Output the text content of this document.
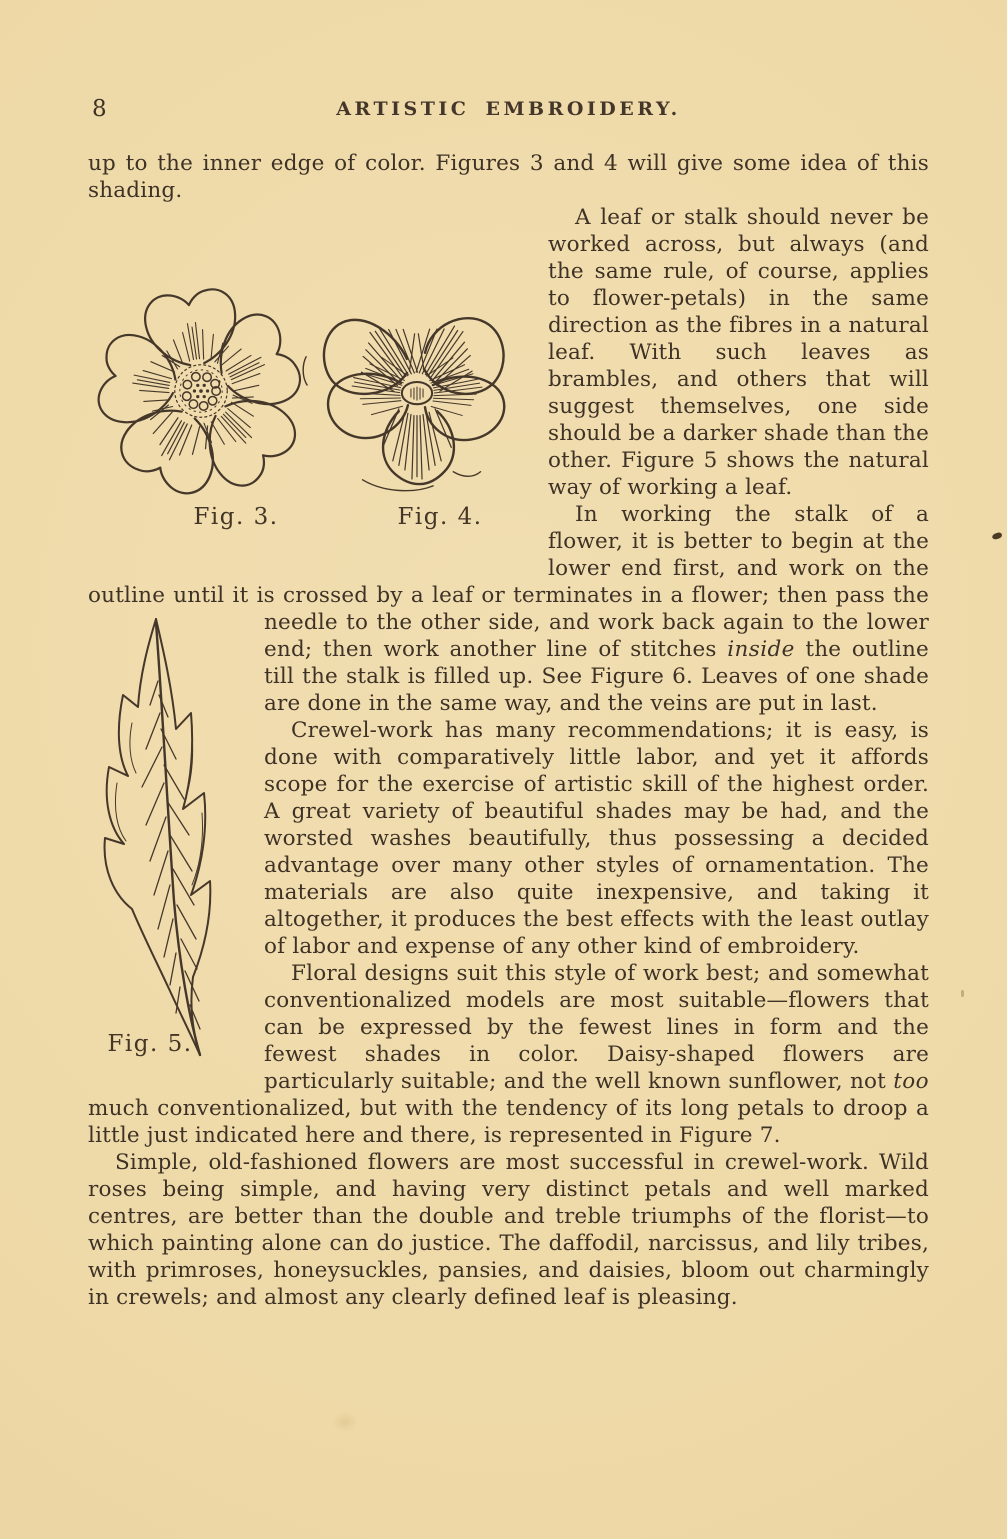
8	ARTISTIC EMBROIDERY.

up to the inner edge of color. Figures 3 and 4 will give some idea of this shading.

Fig. 3.	Fig. 4.

A leaf or stalk should never be worked across, but always (and the same rule, of course, applies to flower-petals) in the same direction as the fibres in a natural leaf. With such leaves as brambles, and others that will suggest themselves, one side should be a darker shade than the other. Figure 5 shows the natural way of working a leaf.

In working the stalk of a flower, it is better to begin at the lower end first, and work on the outline until it is crossed by a leaf or terminates in a flower; then pass the needle to the other side,
Fig. 5.
and work back again to the lower end; then work another line of stitches inside the outline till the stalk is filled up. See Figure 6. Leaves of one shade are done in the same way, and the veins are put in last.

Crewel-work has many recommendations; it is easy, is done with comparatively little labor, and yet it affords scope for the exercise of artistic skill of the highest order. A great variety of beautiful shades may be had, and the worsted washes beautifully, thus possessing a decided advantage over many other styles of ornamentation. The materials are also quite inexpensive, and taking it altogether, it produces the best effects with the least outlay of labor and expense of any other kind of embroidery.

Floral designs suit this style of work best; and somewhat conventionalized models are most suitable—flowers that can be expressed by the fewest lines in form and the fewest shades in color. Daisy-shaped flowers are particularly suitable; and the well known sunflower, not too much conventionalized, but with the tendency of its long petals to droop a little just indicated here and there, is represented in Figure 7.

Simple, old-fashioned flowers are most successful in crewel-work. Wild roses being simple, and having very distinct petals and well marked centres, are better than the double and treble triumphs of the florist—to which painting alone can do justice. The daffodil, narcissus, and lily tribes, with primroses, honeysuckles, pansies, and daisies, bloom out charmingly in crewels; and almost any clearly defined leaf is pleasing.
